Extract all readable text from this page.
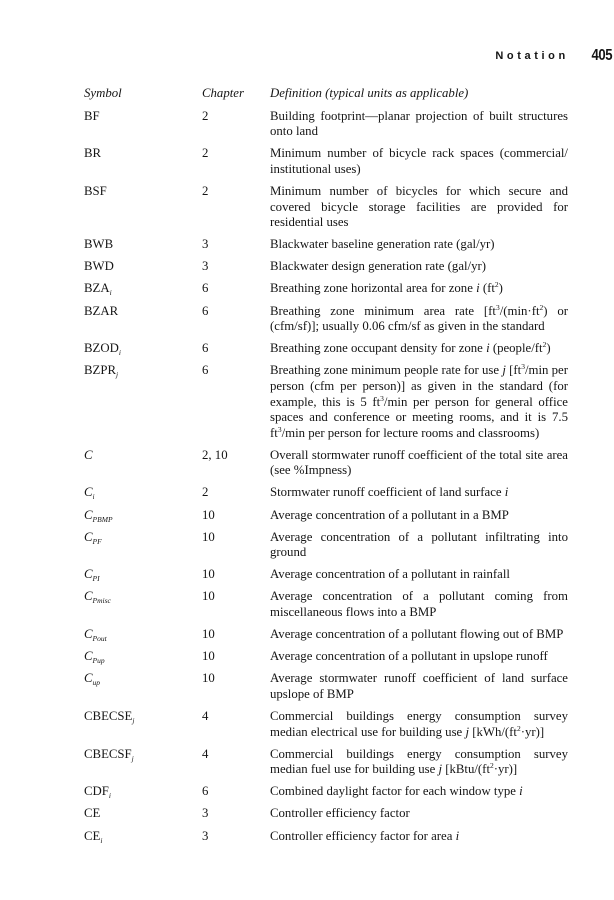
Notation 405
Symbol	Chapter	Definition (typical units as applicable)
BF	2	Building footprint—planar projection of built structures onto land
BR	2	Minimum number of bicycle rack spaces (commercial/ institutional uses)
BSF	2	Minimum number of bicycles for which secure and covered bicycle storage facilities are provided for residential uses
BWB	3	Blackwater baseline generation rate (gal/yr)
BWD	3	Blackwater design generation rate (gal/yr)
$BZA_i$	6	Breathing zone horizontal area for zone i $(ft^2)$
BZAR	6	Breathing zone minimum area rate [$ft^3/(\min\cdot ft^2)$ or (cfm/sf)]; usually 0.06 cfm/sf as given in the standard
$BZOD_i$	6	Breathing zone occupant density for zone i $(people/ft^2)$
$BZPR_j$	6	Breathing zone minimum people rate for use j [$ft^3/\min$ per person (cfm per person)] as given in the standard (for example, this is 5 $ft^3/\min$ per person for general office spaces and conference or meeting rooms, and it is 7.5 $ft^3/\min$ per person for lecture rooms and classrooms)
C	2, 10	Overall stormwater runoff coefficient of the total site area (see %Impness)
$C_i$	2	Stormwater runoff coefficient of land surface i
$C_{PBMP}$	10	Average concentration of a pollutant in a BMP
$C_{PF}$	10	Average concentration of a pollutant infiltrating into ground
$C_{PI}$	10	Average concentration of a pollutant in rainfall
$C_{Pmisc}$	10	Average concentration of a pollutant coming from miscellaneous flows into a BMP
$C_{Pout}$	10	Average concentration of a pollutant flowing out of BMP
$C_{Pup}$	10	Average concentration of a pollutant in upslope runoff
$C_{up}$	10	Average stormwater runoff coefficient of land surface upslope of BMP
$CBECSE_j$	4	Commercial buildings energy consumption survey median electrical use for building use j $[kWh/(ft^2\cdot yr)]$
$CBECSF_j$	4	Commercial buildings energy consumption survey median fuel use for building use j $[kBtu/(ft^2\cdot yr)]$
$CDF_i$	6	Combined daylight factor for each window type i
CE	3	Controller efficiency factor
$CE_i$	3	Controller efficiency factor for area i
